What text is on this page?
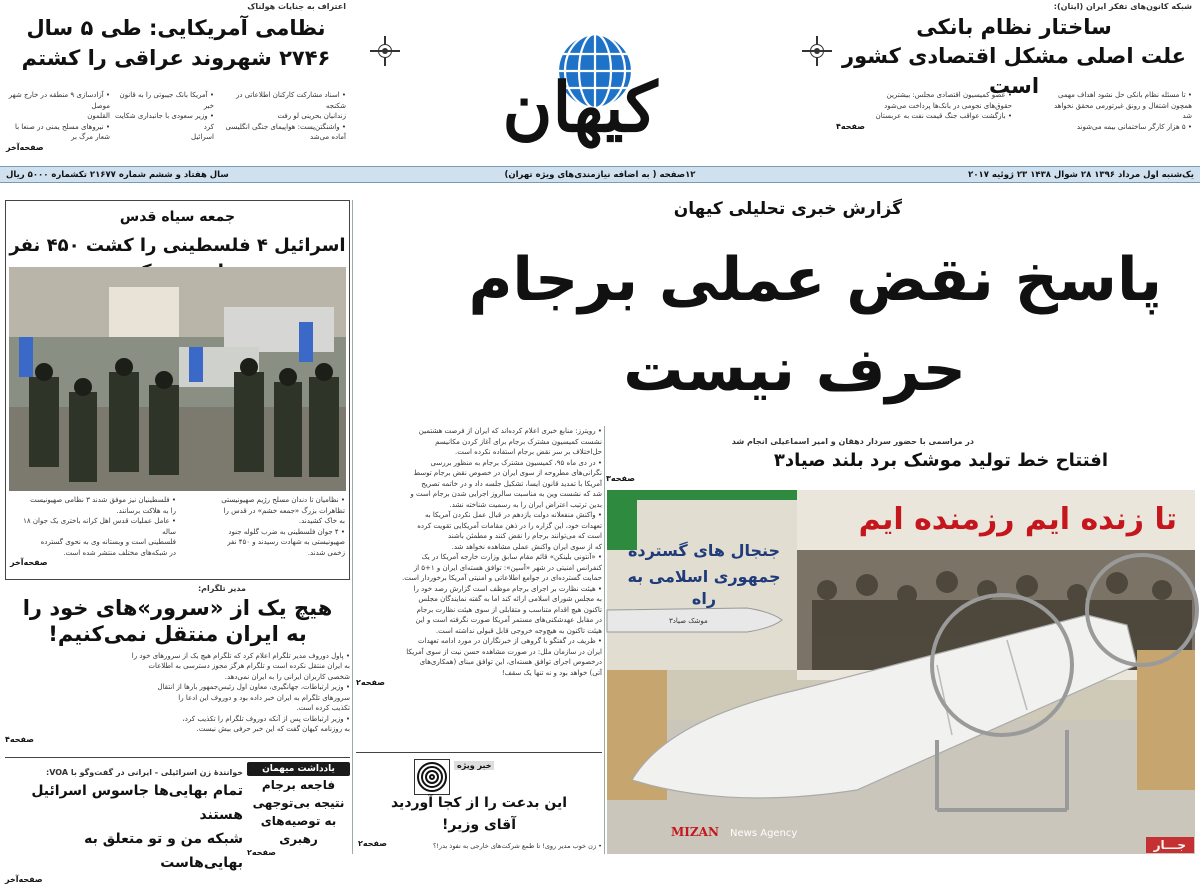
شبکه کانون‌های تفکر ایران (ایتان):
ساختار نظام بانکی
علت اصلی مشکل اقتصادی کشور است	• تا مسئله نظام بانکی حل نشود اهداف مهمی
همچون اشتغال و رونق غیرتورمی محقق نخواهد
شد
• ۵ هزار کارگر ساختمانی بیمه می‌شوند
• عضو کمیسیون اقتصادی مجلس: بیشترین
حقوق‌های نجومی در بانک‌ها پرداخت می‌شود
• بازگشت عواقب جنگ قیمت نفت به عربستان
صفحه۴
کیهان
اعتراف به جنایات هولناک
نظامی آمریکایی: طی ۵ سال
۲۷۴۶ شهروند عراقی را کشتم
• اسناد مشارکت کارکنان اطلاعاتی در شکنجه
زندانیان بحرینی لو رفت
• واشنگتن‌پست: هواپیمای جنگی انگلیسی
آماده می‌شد
• آمریکا بانک جیبوتی را به قانون خبر
• وزیر سعودی با جانبداری شکایت کرد
اسرائیل
• آزادسازی ۹ منطقه در خارج شهر موصل
القلمون
• نیروهای مسلح یمنی در صنعا با شعار مرگ بر
صفحه‌آخر
یک‌شنبه اول مرداد ۱۳۹۶ ۲۸ شوال ۱۴۳۸ ۲۳ ژوئیه ۲۰۱۷
۱۲صفحه ( به اضافه نیازمندی‌های ویژه تهران)
سال هفتاد و ششم شماره ۲۱۶۷۷ تکشماره ۵۰۰۰ ریال
گزارش خبری تحلیلی کیهان
پاسخ نقض عملی برجام
حرف نیست
• رویترز: منابع خبری اعلام کرده‌اند که ایران از فرصت هشتمین
نشست کمیسیون مشترک برجام برای آغاز کردن مکانیسم
حل‌اختلاف بر سر نقض برجام استفاده نکرده است.
• در دی ماه ۹۵، کمیسیون مشترک برجام به منظور بررسی
نگرانی‌های مطروحه از سوی ایران در خصوص نقض برجام توسط
آمریکا با تمدید قانون ایسا، تشکیل جلسه داد و در خاتمه تصریح
شد که نشست وین به مناسبت سالروز اجرایی شدن برجام است و
بدین ترتیب اعتراض ایران را به رسمیت شناخته نشد.
• واکنش منفعلانه دولت یازدهم در قبال عمل نکردن آمریکا به
تعهدات خود، این گزاره را در ذهن مقامات آمریکایی تقویت کرده
است که می‌توانند برجام را نقض کنند و مطمئن باشند
که از سوی ایران واکنش عملی مشاهده نخواهد شد.
• «آنتونی بلینکن» قائم مقام سابق وزارت خارجه آمریکا در یک
کنفرانس امنیتی در شهر «آسپن»: توافق هسته‌ای ایران و ۱+۵ از
حمایت گسترده‌ای در جوامع اطلاعاتی و امنیتی آمریکا برخوردار است.
• هیئت نظارت بر اجرای برجام موظف است گزارش رصد خود را
به مجلس شورای اسلامی ارائه کند اما به گفته نمایندگان مجلس
تاکنون هیچ اقدام متناسب و متقابلی از سوی هیئت نظارت برجام
در مقابل عهدشکنی‌های مستمر آمریکا صورت نگرفته است و این
هیئت تاکنون به هیچ‌وجه خروجی قابل قبولی نداشته است.
• ظریف در گفتگو با گروهی از خبرنگاران در مورد ادامه تعهدات
ایران در سازمان ملل: در صورت مشاهده حسن نیت از سوی آمریکا
درخصوص اجرای توافق هسته‌ای، این توافق مبنای (همکاری‌های
آتی) خواهد بود و نه تنها یک سقف!
صفحه۲
در مراسمی با حضور سردار دهقان و امیر اسماعیلی انجام شد
افتتاح خط تولید موشک برد بلند صیاد۳
صفحه۳
تا زنده ایم رزمنده ایم
جنجال های گسترده
جمهوری اسلامی به راه
موشک صیاد۳
MIZAN News Agency
جمعه سیاه قدس
اسرائیل ۴ فلسطینی را کشت ۴۵۰ نفر
• نظامیان تا دندان مسلح رژیم صهیونیستی
تظاهرات بزرگ «جمعه خشم» در قدس را
به خاک کشیدند.
• ۴ جوان فلسطینی به ضرب گلوله جنود
صهیونیستی به شهادت رسیدند و ۴۵۰ نفر
زخمی شدند.
• فلسطینیان نیز موفق شدند ۳ نظامی صهیونیست
را به هلاکت برسانند.
• عامل عملیات قدس اهل کرانه باختری یک جوان ۱۸ ساله
فلسطینی است و وبستانه وی به نحوی گسترده
در شبکه‌های مختلف منتشر شده است.
صفحه‌آخر
مدیر تلگرام:
هیچ یک از «سرور»های خود را
به ایران منتقل نمی‌کنیم!
• پاول دوروف مدیر تلگرام اعلام کرد که تلگرام هیچ یک از سرورهای خود را
به ایران منتقل نکرده است و تلگرام هرگز مجوز دسترسی به اطلاعات
شخصی کاربران ایرانی را به ایران نمی‌دهد.
• وزیر ارتباطات، جهانگیری، معاون اول رئیس‌جمهور بارها از انتقال
سرورهای تلگرام به ایران خبر داده بود و دوروف این ادعا را
تکذیب کرده است.
• وزیر ارتباطات پس از آنکه دوروف تلگرام را تکذیب کرد،
به روزنامه کیهان گفت که این خبر حرفی بیش نیست.
صفحه۴
خوانندهٔ زن اسرائیلی - ایرانی در گفت‌وگو با VOA:
تمام بهایی‌ها جاسوس اسرائیل هستند
شبکه من و تو متعلق به بهایی‌هاست
صفحه‌آخر
یادداشت میهمان
فاجعه برجام
نتیجه بی‌توجهی
به توصیه‌های رهبری
صفحه۲
خبر ویژه
این بدعت را از کجا آوردید
آقای وزیر!
• زن خوب مدیر روی! تا طمع شرکت‌های خارجی به نفوذ بدر!؟
صفحه۲	جـــار
